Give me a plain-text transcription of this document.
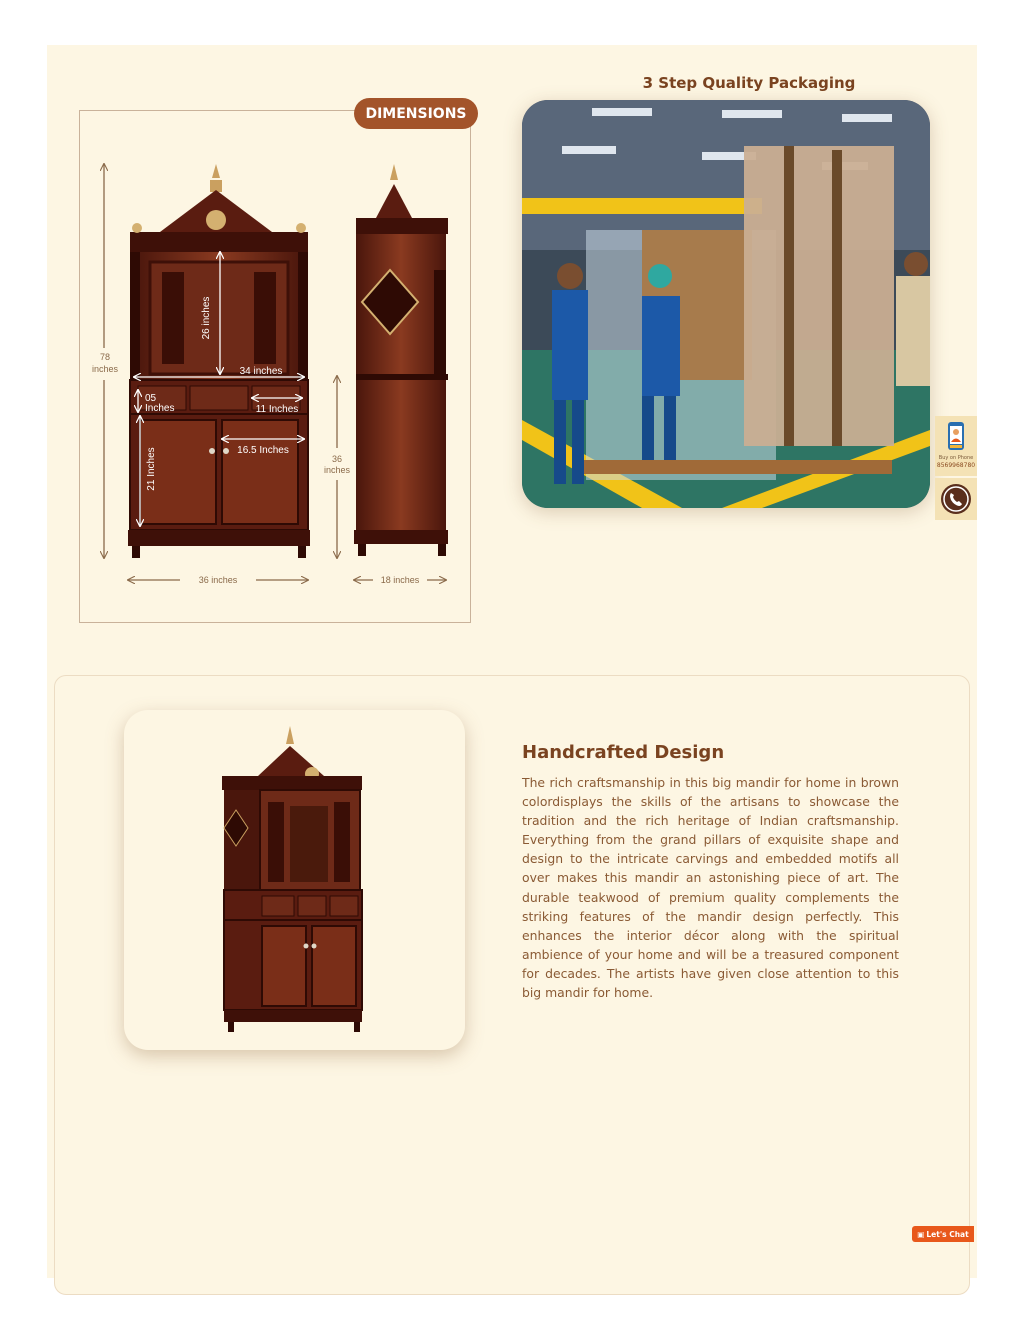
DIMENSIONS
78
inches
26 inches
34 inches
05
Inches	11 Inches
16.5 Inches
21 Inches	36
inches
36 inches	18 inches
3 Step Quality Packaging
Buy on Phone
8569968780
Handcrafted Design
The rich craftsmanship in this big mandir for home in brown colordisplays the skills of the artisans to showcase the tradition and the rich heritage of Indian craftsmanship. Everything from the grand pillars of exquisite shape and design to the intricate carvings and embedded motifs all over makes this mandir an astonishing piece of art. The durable teakwood of premium quality complements the striking features of the mandir design perfectly. This enhances the interior décor along with the spiritual ambience of your home and will be a treasured component for decades. The artists have given close attention to this big mandir for home.
▣ Let's Chat
